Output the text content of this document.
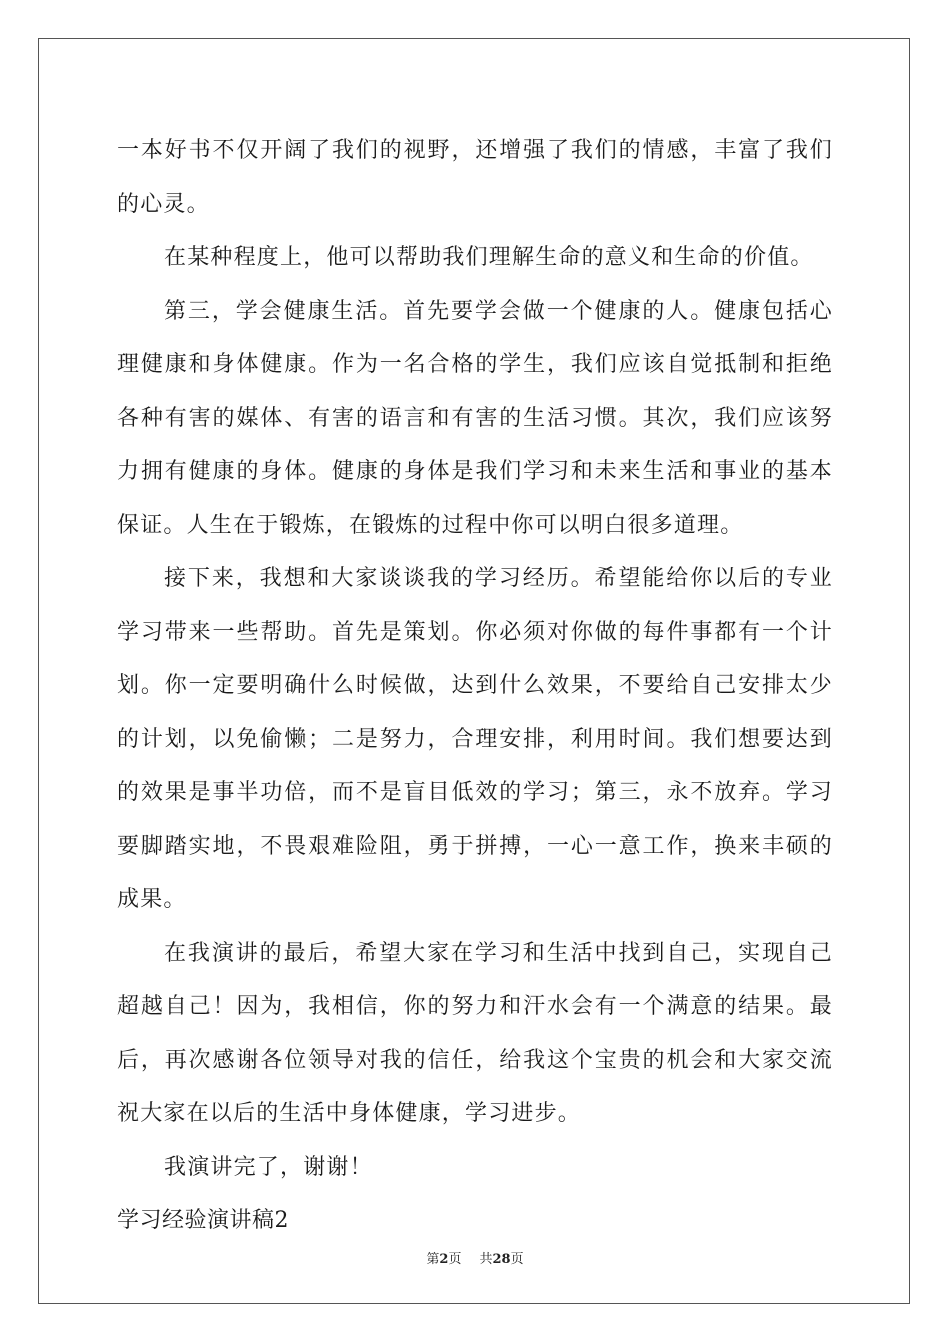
一本好书不仅开阔了我们的视野，还增强了我们的情感，丰富了我们的心灵。

在某种程度上，他可以帮助我们理解生命的意义和生命的价值。

第三，学会健康生活。首先要学会做一个健康的人。健康包括心理健康和身体健康。作为一名合格的学生，我们应该自觉抵制和拒绝各种有害的媒体、有害的语言和有害的生活习惯。其次，我们应该努力拥有健康的身体。健康的身体是我们学习和未来生活和事业的基本保证。人生在于锻炼，在锻炼的过程中你可以明白很多道理。

接下来，我想和大家谈谈我的学习经历。希望能给你以后的专业学习带来一些帮助。首先是策划。你必须对你做的每件事都有一个计划。你一定要明确什么时候做，达到什么效果，不要给自己安排太少的计划，以免偷懒；二是努力，合理安排，利用时间。我们想要达到的效果是事半功倍，而不是盲目低效的学习；第三，永不放弃。学习要脚踏实地，不畏艰难险阻，勇于拼搏，一心一意工作，换来丰硕的成果。

在我演讲的最后，希望大家在学习和生活中找到自己，实现自己超越自己！因为，我相信，你的努力和汗水会有一个满意的结果。最后，再次感谢各位领导对我的信任，给我这个宝贵的机会和大家交流祝大家在以后的生活中身体健康，学习进步。

我演讲完了，谢谢！

学习经验演讲稿2

第2页 共28页
